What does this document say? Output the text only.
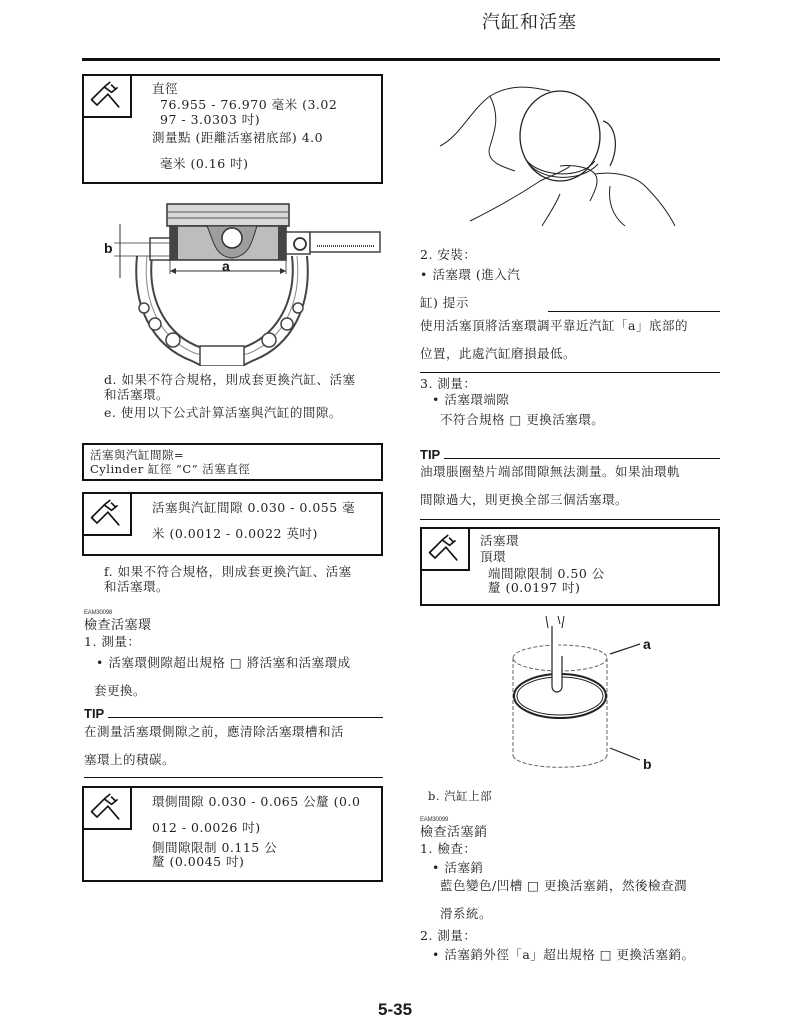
汽缸和活塞
直徑
76.955 - 76.970 毫米 (3.02
97 - 3.0303 吋)
測量點 (距離活塞裙底部) 4.0
毫米 (0.16 吋)
a
b
d. 如果不符合規格，則成套更換汽缸、活塞
和活塞環。
e. 使用以下公式計算活塞與汽缸的間隙。
活塞與汽缸間隙=
Cylinder 缸徑 “C” 活塞直徑
活塞與汽缸間隙 0.030 - 0.055 毫
米 (0.0012 - 0.0022 英吋)
f. 如果不符合規格，則成套更換汽缸、活塞
和活塞環。
EAM30098
檢查活塞環
1. 測量：
• 活塞環側隙超出規格 □ 將活塞和活塞環成
套更換。
TIP
在測量活塞環側隙之前，應清除活塞環槽和活
塞環上的積碳。
環側間隙 0.030 - 0.065 公釐 (0.0
012 - 0.0026 吋)
側間隙限制 0.115 公
釐 (0.0045 吋)
2. 安裝：
• 活塞環 (進入汽
缸) 提示
使用活塞頂將活塞環調平靠近汽缸「a」底部的
位置，此處汽缸磨損最低。
3. 測量：
• 活塞環端隙
不符合規格 □ 更換活塞環。
TIP
油環脹圈墊片端部間隙無法測量。如果油環軌
間隙過大，則更換全部三個活塞環。
活塞環
頂環
端間隙限制 0.50 公
釐 (0.0197 吋)
a
b
b. 汽缸上部
EAM30099
檢查活塞銷
1. 檢查：
• 活塞銷
藍色變色/凹槽 □ 更換活塞銷，然後檢查潤
滑系統。
2. 測量：
• 活塞銷外徑「a」超出規格 □ 更換活塞銷。
5-35
